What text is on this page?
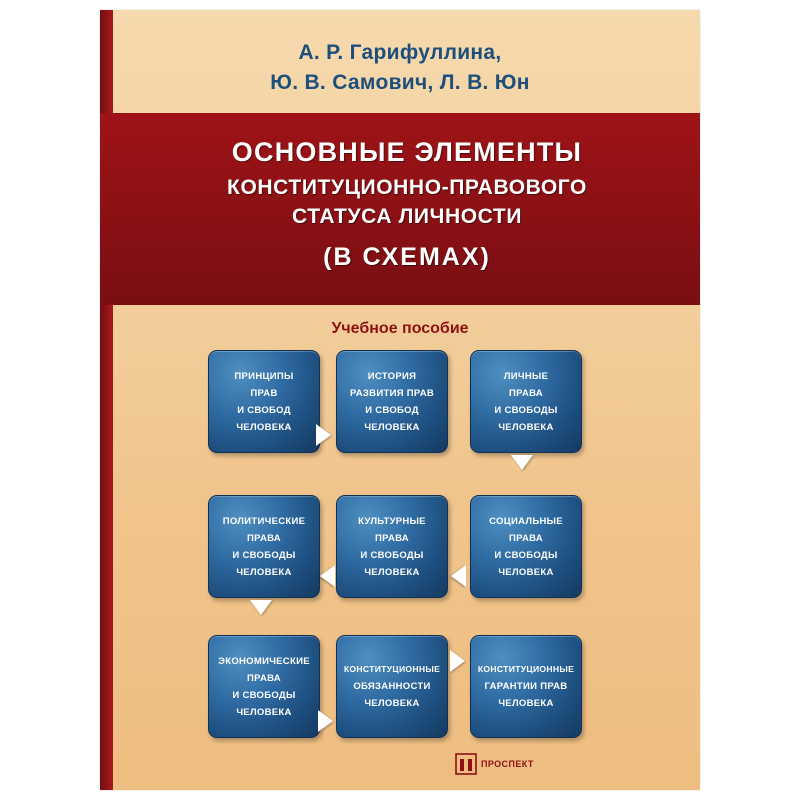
А. Р. Гарифуллина,
Ю. В. Самович, Л. В. Юн
ОСНОВНЫЕ ЭЛЕМЕНТЫ
КОНСТИТУЦИОННО-ПРАВОВОГО
СТАТУСА ЛИЧНОСТИ
(В СХЕМАХ)
Учебное пособие
ПРИНЦИПЫ
ПРАВ
И СВОБОД
ЧЕЛОВЕКА
ИСТОРИЯ
РАЗВИТИЯ ПРАВ
И СВОБОД
ЧЕЛОВЕКА
ЛИЧНЫЕ
ПРАВА
И СВОБОДЫ
ЧЕЛОВЕКА
ПОЛИТИЧЕСКИЕ
ПРАВА
И СВОБОДЫ
ЧЕЛОВЕКА
КУЛЬТУРНЫЕ
ПРАВА
И СВОБОДЫ
ЧЕЛОВЕКА
СОЦИАЛЬНЫЕ
ПРАВА
И СВОБОДЫ
ЧЕЛОВЕКА
ЭКОНОМИЧЕСКИЕ
ПРАВА
И СВОБОДЫ
ЧЕЛОВЕКА
КОНСТИТУЦИОННЫЕ
ОБЯЗАННОСТИ
ЧЕЛОВЕКА
КОНСТИТУЦИОННЫЕ
ГАРАНТИИ ПРАВ
ЧЕЛОВЕКА
ПРОСПЕКТ
